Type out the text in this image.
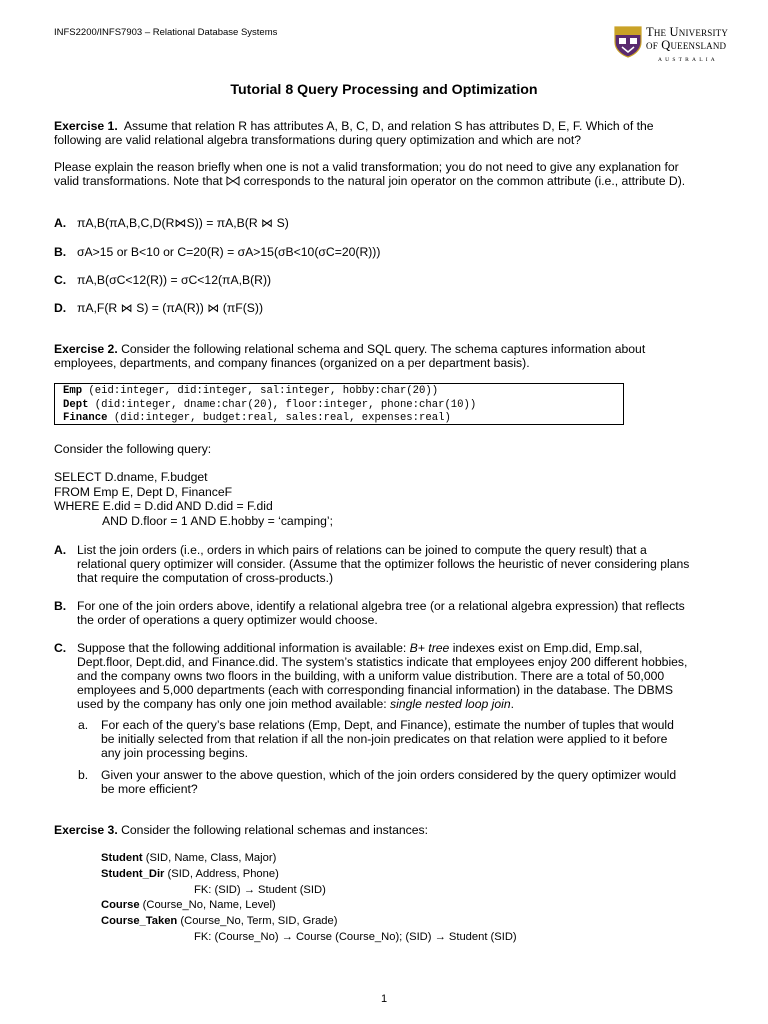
INFS2200/INFS7903 – Relational Database Systems	The University
of Queensland
AUSTRALIA
Tutorial 8 Query Processing and Optimization
Exercise 1. Assume that relation R has attributes A, B, C, D, and relation S has attributes D, E, F. Which of the following are valid relational algebra transformations during query optimization and which are not?
Please explain the reason briefly when one is not a valid transformation; you do not need to give any explanation for valid transformations. Note that corresponds to the natural join operator on the common attribute (i.e., attribute D).
A. πA,B(πA,B,C,D(R⋈S)) = πA,B(R ⋈ S)
B. σA>15 or B<10 or C=20(R) = σA>15(σB<10(σC=20(R)))
C. πA,B(σC<12(R)) = σC<12(πA,B(R))
D. πA,F(R ⋈ S) = (πA(R)) ⋈ (πF(S))
Exercise 2. Consider the following relational schema and SQL query. The schema captures information about employees, departments, and company finances (organized on a per department basis).
Emp (eid:integer, did:integer, sal:integer, hobby:char(20))
Dept (did:integer, dname:char(20), floor:integer, phone:char(10))
Finance (did:integer, budget:real, sales:real, expenses:real)
Consider the following query:
SELECT D.dname, F.budget
FROM Emp E, Dept D, FinanceF
WHERE E.did = D.did AND D.did = F.did
AND D.floor = 1 AND E.hobby = ‘camping’;
A. List the join orders (i.e., orders in which pairs of relations can be joined to compute the query result) that a relational query optimizer will consider. (Assume that the optimizer follows the heuristic of never considering plans that require the computation of cross-products.)
B. For one of the join orders above, identify a relational algebra tree (or a relational algebra expression) that reflects the order of operations a query optimizer would choose.
C. Suppose that the following additional information is available: B+ tree indexes exist on Emp.did, Emp.sal, Dept.floor, Dept.did, and Finance.did. The system’s statistics indicate that employees enjoy 200 different hobbies, and the company owns two floors in the building, with a uniform value distribution. There are a total of 50,000 employees and 5,000 departments (each with corresponding financial information) in the database. The DBMS used by the company has only one join method available: single nested loop join.
a. For each of the query’s base relations (Emp, Dept, and Finance), estimate the number of tuples that would be initially selected from that relation if all the non-join predicates on that relation were applied to it before any join processing begins.
b. Given your answer to the above question, which of the join orders considered by the query optimizer would be more efficient?
Exercise 3. Consider the following relational schemas and instances:
Student (SID, Name, Class, Major)
Student_Dir (SID, Address, Phone)
FK: (SID) → Student (SID)
Course (Course_No, Name, Level)
Course_Taken (Course_No, Term, SID, Grade)
FK: (Course_No) → Course (Course_No); (SID) → Student (SID)
1
